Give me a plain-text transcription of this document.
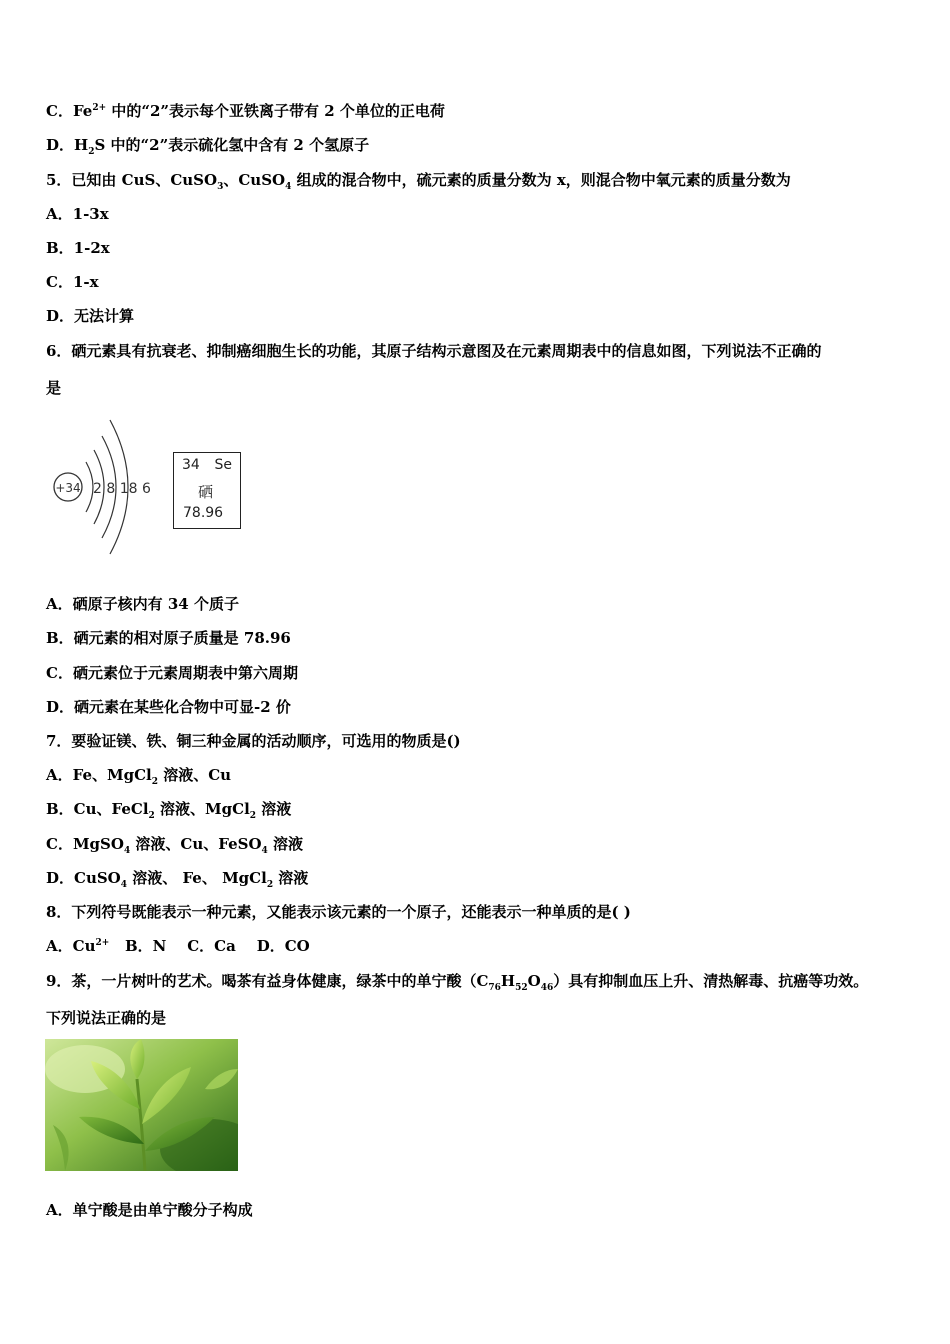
C．$Fe^{2+}$ 中的“2”表示每个亚铁离子带有 2 个单位的正电荷
D．$H_2S$ 中的“2”表示硫化氢中含有 2 个氢原子
5．已知由 CuS、CuSO$_3$、CuSO$_4$ 组成的混合物中，硫元素的质量分数为 x，则混合物中氧元素的质量分数为
A．1-3x
B．1-2x
C．1-x
D．无法计算
6．硒元素具有抗衰老、抑制癌细胞生长的功能，其原子结构示意图及在元素周期表中的信息如图，下列说法不正确的
是
+34 2 8 18 6
34 Se
硒
78.96
A．硒原子核内有 34 个质子
B．硒元素的相对原子质量是 78.96
C．硒元素位于元素周期表中第六周期
D．硒元素在某些化合物中可显-2 价
7．要验证镁、铁、铜三种金属的活动顺序，可选用的物质是()
A．Fe、MgCl$_2$ 溶液、Cu
B．Cu、FeCl$_2$ 溶液、MgCl$_2$ 溶液
C．MgSO$_4$ 溶液、Cu、FeSO$_4$ 溶液
D．CuSO$_4$ 溶液、 Fe、 MgCl$_2$ 溶液
8．下列符号既能表示一种元素，又能表示该元素的一个原子，还能表示一种单质的是( )
A．$Cu^{2+}$   B．N    C．Ca    D．CO
9．茶，一片树叶的艺术。喝茶有益身体健康，绿茶中的单宁酸$(C_{76}H_{52}O_{46})$具有抑制血压上升、清热解毒、抗癌等功效。
下列说法正确的是
A．单宁酸是由单宁酸分子构成
